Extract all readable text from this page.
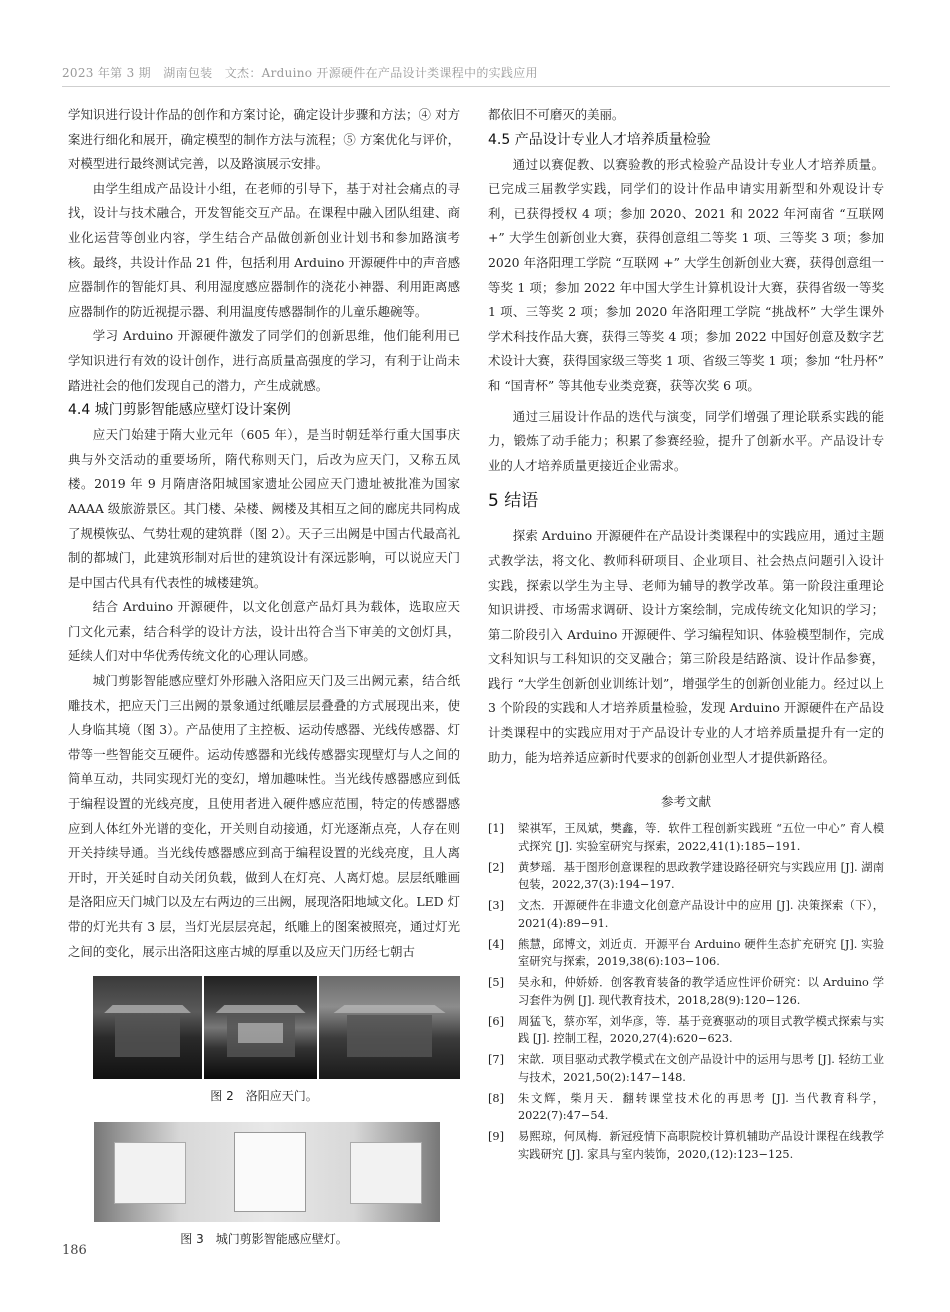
2023 年第 3 期　湖南包装　文杰：Arduino 开源硬件在产品设计类课程中的实践应用

学知识进行设计作品的创作和方案讨论，确定设计步骤和方法；④ 对方案进行细化和展开，确定模型的制作方法与流程；⑤ 方案优化与评价，对模型进行最终测试完善，以及路演展示安排。

由学生组成产品设计小组，在老师的引导下，基于对社会痛点的寻找，设计与技术融合，开发智能交互产品。在课程中融入团队组建、商业化运营等创业内容，学生结合产品做创新创业计划书和参加路演考核。最终，共设计作品 21 件，包括利用 Arduino 开源硬件中的声音感应器制作的智能灯具、利用湿度感应器制作的浇花小神器、利用距离感应器制作的防近视提示器、利用温度传感器制作的儿童乐趣碗等。

学习 Arduino 开源硬件激发了同学们的创新思维，他们能利用已学知识进行有效的设计创作，进行高质量高强度的学习，有利于让尚未踏进社会的他们发现自己的潜力，产生成就感。

4.4 城门剪影智能感应壁灯设计案例

应天门始建于隋大业元年（605 年），是当时朝廷举行重大国事庆典与外交活动的重要场所，隋代称则天门，后改为应天门，又称五凤楼。2019 年 9 月隋唐洛阳城国家遗址公园应天门遗址被批准为国家 AAAA 级旅游景区。其门楼、朵楼、阙楼及其相互之间的廊庑共同构成了规模恢弘、气势壮观的建筑群（图 2）。天子三出阙是中国古代最高礼制的都城门，此建筑形制对后世的建筑设计有深远影响，可以说应天门是中国古代具有代表性的城楼建筑。

结合 Arduino 开源硬件，以文化创意产品灯具为载体，选取应天门文化元素，结合科学的设计方法，设计出符合当下审美的文创灯具，延续人们对中华优秀传统文化的心理认同感。

城门剪影智能感应壁灯外形融入洛阳应天门及三出阙元素，结合纸雕技术，把应天门三出阙的景象通过纸雕层层叠叠的方式展现出来，使人身临其境（图 3）。产品使用了主控板、运动传感器、光线传感器、灯带等一些智能交互硬件。运动传感器和光线传感器实现壁灯与人之间的简单互动，共同实现灯光的变幻，增加趣味性。当光线传感器感应到低于编程设置的光线亮度，且使用者进入硬件感应范围，特定的传感器感应到人体红外光谱的变化，开关则自动接通，灯光逐渐点亮，人存在则开关持续导通。当光线传感器感应到高于编程设置的光线亮度，且人离开时，开关延时自动关闭负载，做到人在灯亮、人离灯熄。层层纸雕画是洛阳应天门城门以及左右两边的三出阙，展现洛阳地域文化。LED 灯带的灯光共有 3 层，当灯光层层亮起，纸雕上的图案被照亮，通过灯光之间的变化，展示出洛阳这座古城的厚重以及应天门历经七朝古

图 2　洛阳应天门。
图 3　城门剪影智能感应壁灯。

都依旧不可磨灭的美丽。

4.5 产品设计专业人才培养质量检验

通过以赛促教、以赛验教的形式检验产品设计专业人才培养质量。已完成三届教学实践，同学们的设计作品申请实用新型和外观设计专利，已获得授权 4 项；参加 2020、2021 和 2022 年河南省 “互联网 +” 大学生创新创业大赛，获得创意组二等奖 1 项、三等奖 3 项；参加 2020 年洛阳理工学院 “互联网 +” 大学生创新创业大赛，获得创意组一等奖 1 项；参加 2022 年中国大学生计算机设计大赛，获得省级一等奖 1 项、三等奖 2 项；参加 2020 年洛阳理工学院 “挑战杯” 大学生课外学术科技作品大赛，获得三等奖 4 项；参加 2022 中国好创意及数字艺术设计大赛，获得国家级三等奖 1 项、省级三等奖 1 项；参加 “牡丹杯” 和 “国青杯” 等其他专业类竞赛，获等次奖 6 项。

通过三届设计作品的迭代与演变，同学们增强了理论联系实践的能力，锻炼了动手能力；积累了参赛经验，提升了创新水平。产品设计专业的人才培养质量更接近企业需求。

5 结语

探索 Arduino 开源硬件在产品设计类课程中的实践应用，通过主题式教学法，将文化、教师科研项目、企业项目、社会热点问题引入设计实践，探索以学生为主导、老师为辅导的教学改革。第一阶段注重理论知识讲授、市场需求调研、设计方案绘制，完成传统文化知识的学习；第二阶段引入 Arduino 开源硬件、学习编程知识、体验模型制作，完成文科知识与工科知识的交叉融合；第三阶段是结路演、设计作品参赛，践行 “大学生创新创业训练计划”，增强学生的创新创业能力。经过以上 3 个阶段的实践和人才培养质量检验，发现 Arduino 开源硬件在产品设计类课程中的实践应用对于产品设计专业的人才培养质量提升有一定的助力，能为培养适应新时代要求的创新创业型人才提供新路径。

参考文献
[1]	梁祺军，王凤斌，樊鑫，等．软件工程创新实践班 “五位一中心” 育人模式探究 [J]. 实验室研究与探索，2022,41(1):185−191.
[2]	黄梦瑶．基于图形创意课程的思政教学建设路径研究与实践应用 [J]. 湖南包装，2022,37(3):194−197.
[3]	文杰．开源硬件在非遗文化创意产品设计中的应用 [J]. 决策探索（下），2021(4):89−91.
[4]	熊慧，邱博文，刘近贞．开源平台 Arduino 硬件生态扩充研究 [J]. 实验室研究与探索，2019,38(6):103−106.
[5]	吴永和，仲娇娇．创客教育装备的教学适应性评价研究：以 Arduino 学习套件为例 [J]. 现代教育技术，2018,28(9):120−126.
[6]	周猛飞，蔡亦军，刘华彦，等．基于竞赛驱动的项目式教学模式探索与实践 [J]. 控制工程，2020,27(4):620−623.
[7]	宋歆．项目驱动式教学模式在文创产品设计中的运用与思考 [J]. 轻纺工业与技术，2021,50(2):147−148.
[8]	朱文辉，柴月天．翻转课堂技术化的再思考 [J]. 当代教育科学，2022(7):47−54.
[9]	易熙琼，何凤梅．新冠疫情下高职院校计算机辅助产品设计课程在线教学实践研究 [J]. 家具与室内装饰，2020,(12):123−125.
186
